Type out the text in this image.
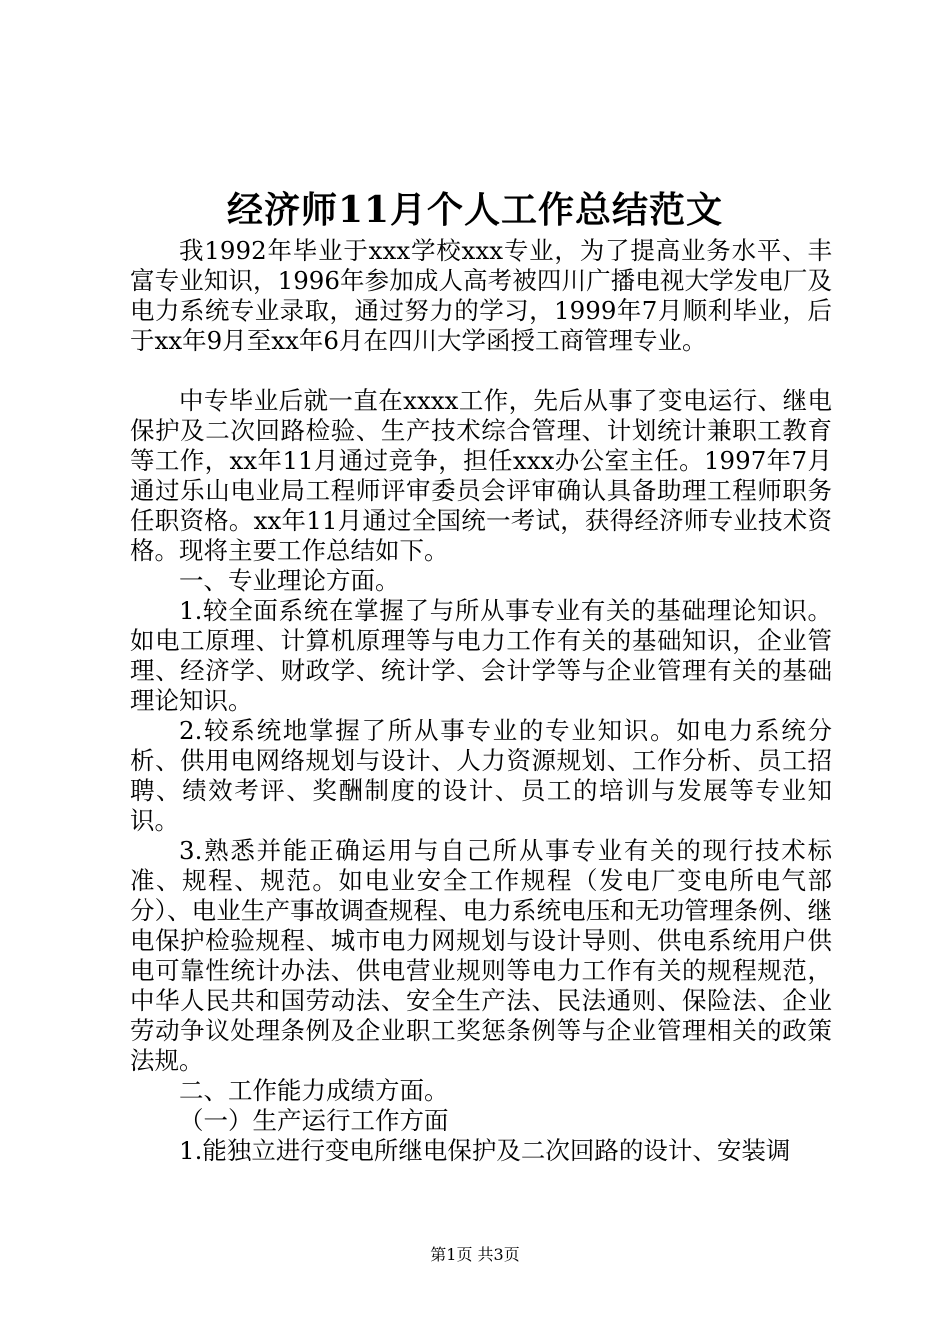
经济师11月个人工作总结范文

我1992年毕业于xxx学校xxx专业，为了提高业务水平、丰富专业知识，1996年参加成人高考被四川广播电视大学发电厂及电力系统专业录取，通过努力的学习，1999年7月顺利毕业，后于xx年9月至xx年6月在四川大学函授工商管理专业。

中专毕业后就一直在xxxx工作，先后从事了变电运行、继电保护及二次回路检验、生产技术综合管理、计划统计兼职工教育等工作，xx年11月通过竞争，担任xxx办公室主任。1997年7月通过乐山电业局工程师评审委员会评审确认具备助理工程师职务任职资格。xx年11月通过全国统一考试，获得经济师专业技术资格。现将主要工作总结如下。

一、专业理论方面。

1.较全面系统在掌握了与所从事专业有关的基础理论知识。如电工原理、计算机原理等与电力工作有关的基础知识，企业管理、经济学、财政学、统计学、会计学等与企业管理有关的基础理论知识。

2.较系统地掌握了所从事专业的专业知识。如电力系统分析、供用电网络规划与设计、人力资源规划、工作分析、员工招聘、绩效考评、奖酬制度的设计、员工的培训与发展等专业知识。

3.熟悉并能正确运用与自己所从事专业有关的现行技术标准、规程、规范。如电业安全工作规程（发电厂变电所电气部分）、电业生产事故调查规程、电力系统电压和无功管理条例、继电保护检验规程、城市电力网规划与设计导则、供电系统用户供电可靠性统计办法、供电营业规则等电力工作有关的规程规范，中华人民共和国劳动法、安全生产法、民法通则、保险法、企业劳动争议处理条例及企业职工奖惩条例等与企业管理相关的政策法规。

二、工作能力成绩方面。

（一）生产运行工作方面

1.能独立进行变电所继电保护及二次回路的设计、安装调

第1页 共3页
